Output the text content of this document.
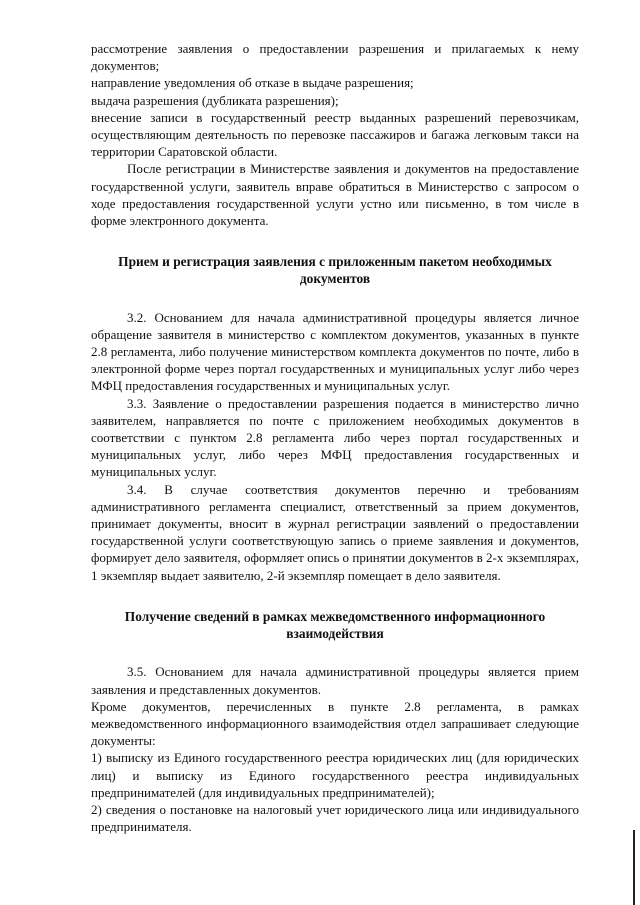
рассмотрение заявления о предоставлении разрешения и прилагаемых к нему документов;

направление уведомления об отказе в выдаче разрешения;

выдача разрешения (дубликата разрешения);

внесение записи в государственный реестр выданных разрешений перевозчикам, осуществляющим деятельность по перевозке пассажиров и багажа легковым такси на территории Саратовской области.

После регистрации в Министерстве заявления и документов на предоставление государственной услуги, заявитель вправе обратиться в Министерство с запросом о ходе предоставления государственной услуги устно или письменно, в том числе в форме электронного документа.

Прием и регистрация заявления с приложенным пакетом необходимых документов

3.2. Основанием для начала административной процедуры является личное обращение заявителя в министерство с комплектом документов, указанных в пункте 2.8 регламента, либо получение министерством комплекта документов по почте, либо в электронной форме через портал государственных и муниципальных услуг либо через МФЦ предоставления государственных и муниципальных услуг.

3.3. Заявление о предоставлении разрешения подается в министерство лично заявителем, направляется по почте с приложением необходимых документов в соответствии с пунктом 2.8 регламента либо через портал государственных и муниципальных услуг, либо через МФЦ предоставления государственных и муниципальных услуг.

3.4. В случае соответствия документов перечню и требованиям административного регламента специалист, ответственный за прием документов, принимает документы, вносит в журнал регистрации заявлений о предоставлении государственной услуги соответствующую запись о приеме заявления и документов, формирует дело заявителя, оформляет опись о принятии документов в 2-х экземплярах, 1 экземпляр выдает заявителю, 2-й экземпляр помещает в дело заявителя.

Получение сведений в рамках межведомственного информационного взаимодействия

3.5. Основанием для начала административной процедуры является прием заявления и представленных документов.

Кроме документов, перечисленных в пункте 2.8 регламента, в рамках межведомственного информационного взаимодействия отдел запрашивает следующие документы:

1) выписку из Единого государственного реестра юридических лиц (для юридических лиц) и выписку из Единого государственного реестра индивидуальных предпринимателей (для индивидуальных предпринимателей);

2) сведения о постановке на налоговый учет юридического лица или индивидуального предпринимателя.
